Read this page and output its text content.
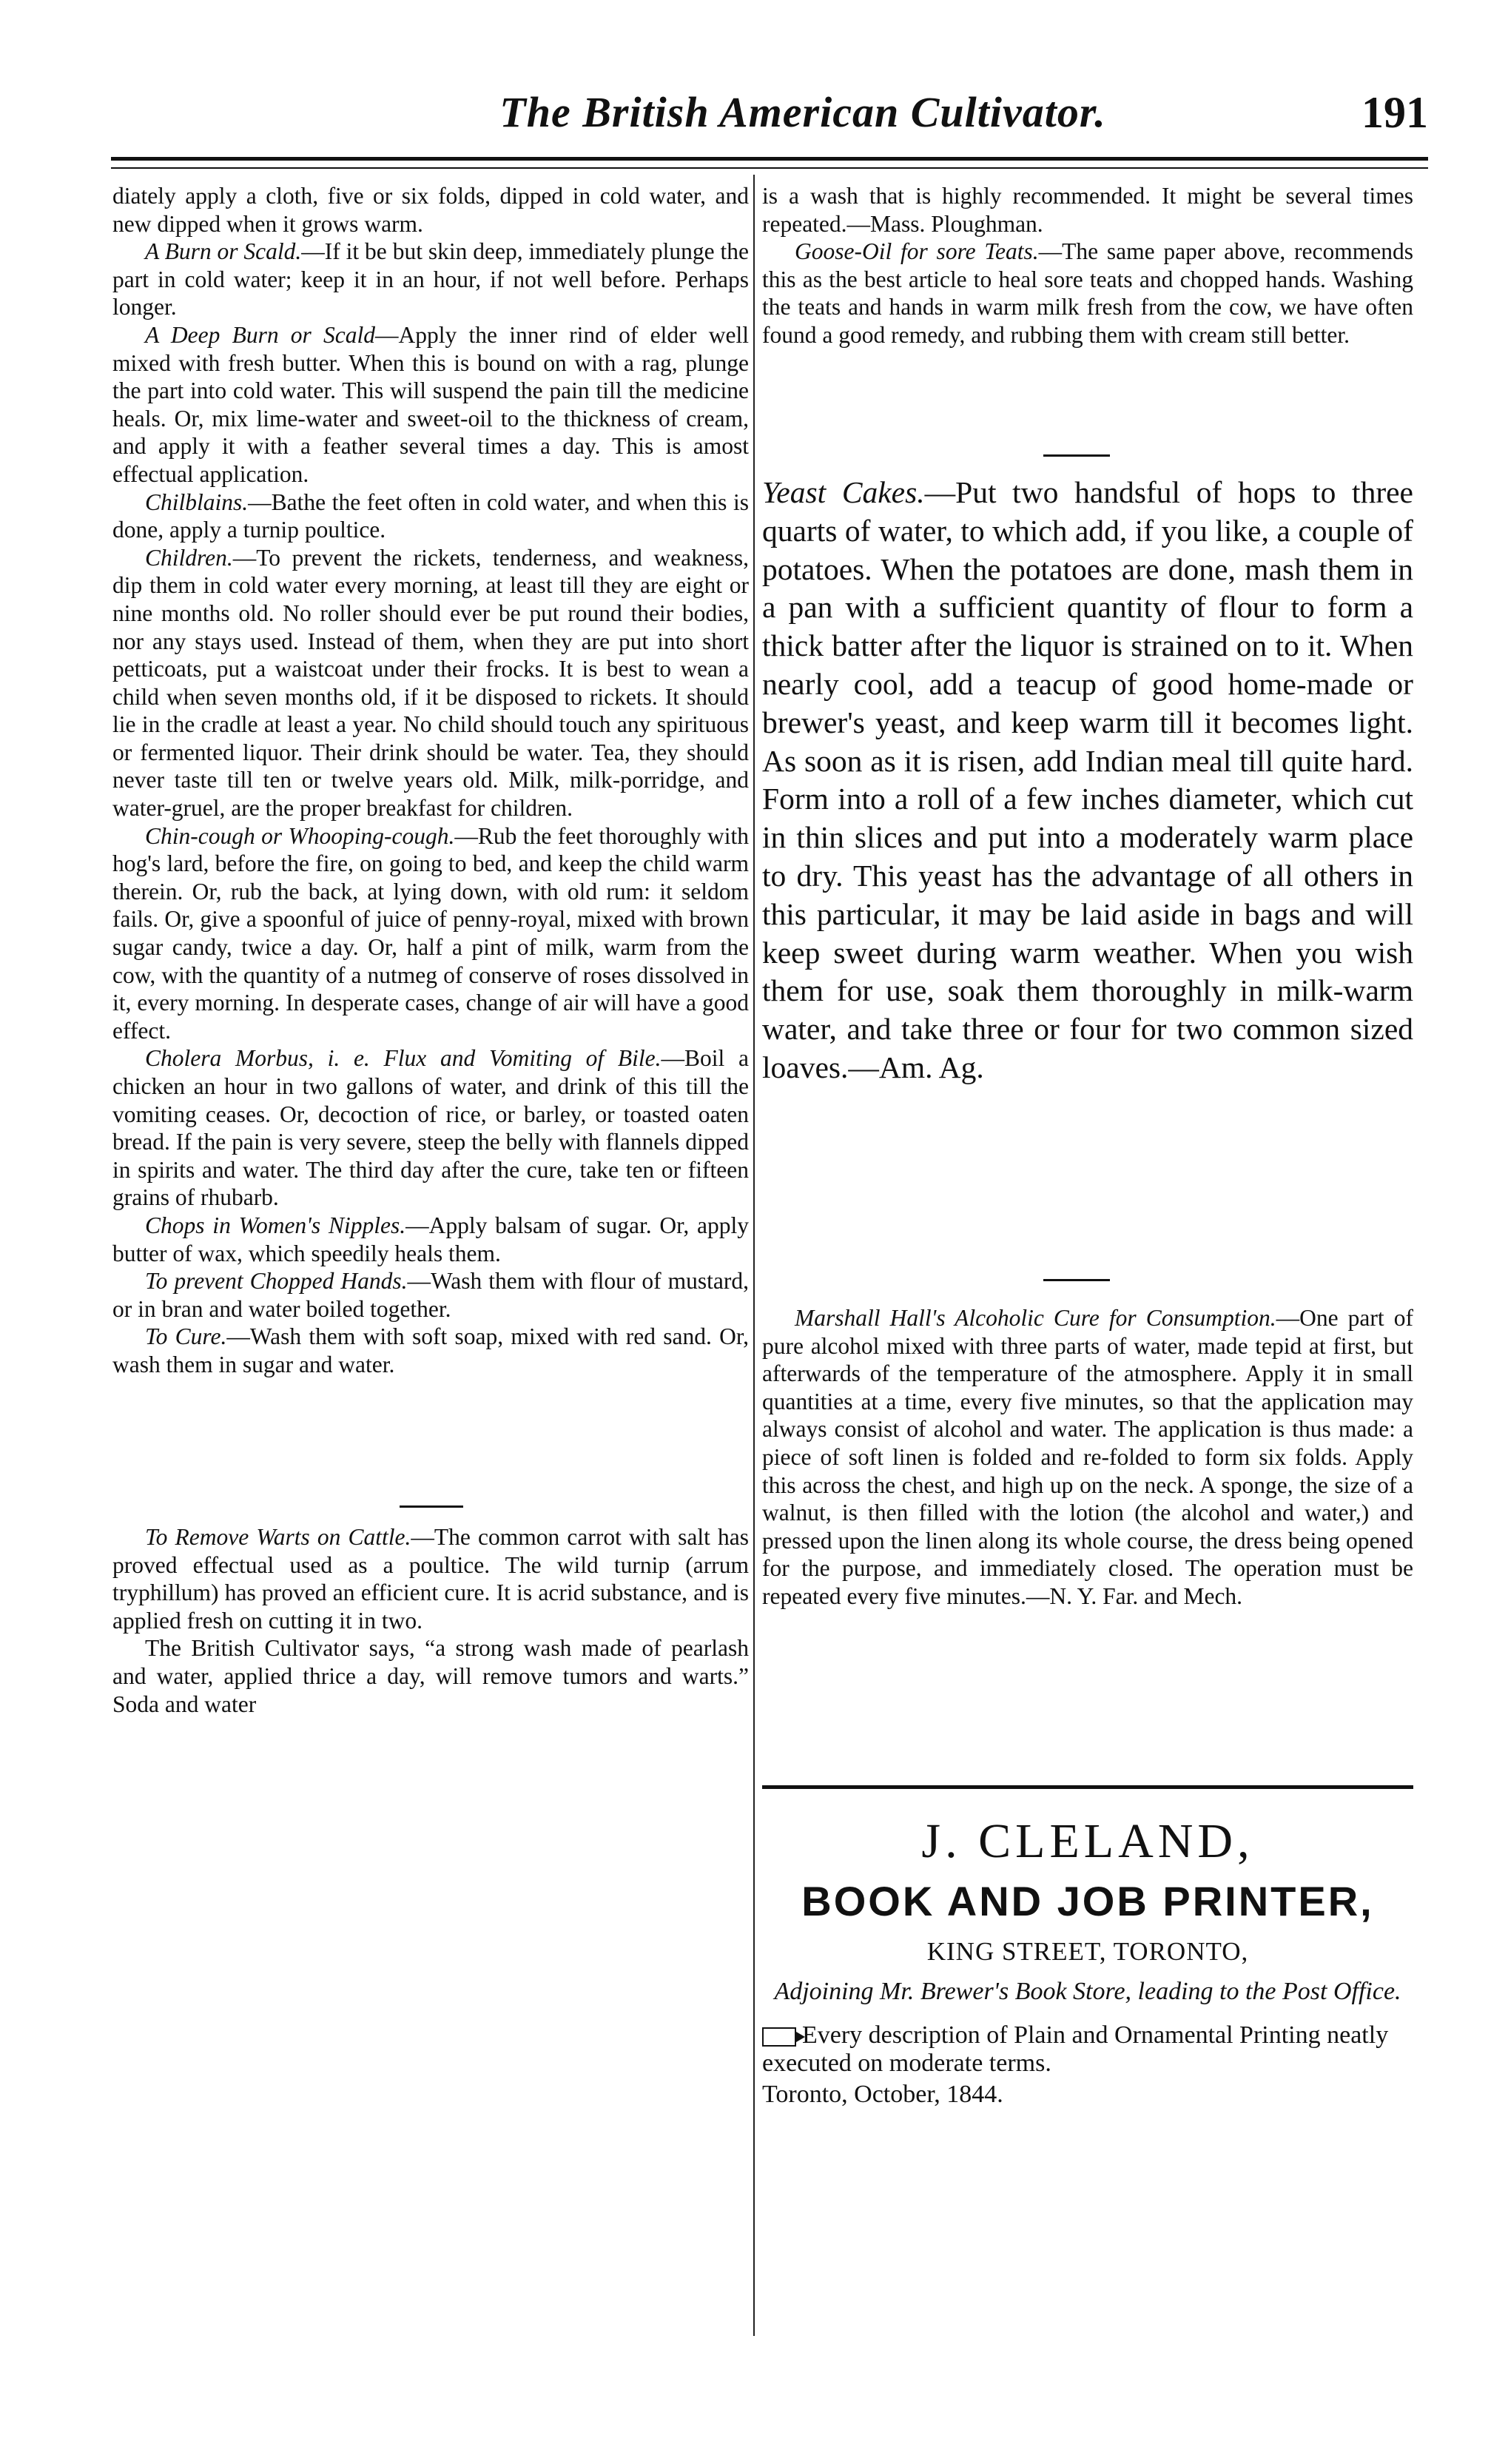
The British American Cultivator.	191

diately apply a cloth, five or six folds, dipped in cold water, and new dipped when it grows warm.

A Burn or Scald.—If it be but skin deep, immediately plunge the part in cold water; keep it in an hour, if not well before. Perhaps longer.

A Deep Burn or Scald—Apply the inner rind of elder well mixed with fresh butter. When this is bound on with a rag, plunge the part into cold water. This will suspend the pain till the medicine heals. Or, mix lime-water and sweet-oil to the thickness of cream, and apply it with a feather several times a day. This is amost effectual application.

Chilblains.—Bathe the feet often in cold water, and when this is done, apply a turnip poultice.

Children.—To prevent the rickets, tenderness, and weakness, dip them in cold water every morning, at least till they are eight or nine months old. No roller should ever be put round their bodies, nor any stays used. Instead of them, when they are put into short petticoats, put a waistcoat under their frocks. It is best to wean a child when seven months old, if it be disposed to rickets. It should lie in the cradle at least a year. No child should touch any spirituous or fermented liquor. Their drink should be water. Tea, they should never taste till ten or twelve years old. Milk, milk-porridge, and water-gruel, are the proper breakfast for children.

Chin-cough or Whooping-cough.—Rub the feet thoroughly with hog's lard, before the fire, on going to bed, and keep the child warm therein. Or, rub the back, at lying down, with old rum: it seldom fails. Or, give a spoonful of juice of penny-royal, mixed with brown sugar candy, twice a day. Or, half a pint of milk, warm from the cow, with the quantity of a nutmeg of conserve of roses dissolved in it, every morning. In desperate cases, change of air will have a good effect.

Cholera Morbus, i. e. Flux and Vomiting of Bile.—Boil a chicken an hour in two gallons of water, and drink of this till the vomiting ceases. Or, decoction of rice, or barley, or toasted oaten bread. If the pain is very severe, steep the belly with flannels dipped in spirits and water. The third day after the cure, take ten or fifteen grains of rhubarb.

Chops in Women's Nipples.—Apply balsam of sugar. Or, apply butter of wax, which speedily heals them.

To prevent Chopped Hands.—Wash them with flour of mustard, or in bran and water boiled together.

To Cure.—Wash them with soft soap, mixed with red sand. Or, wash them in sugar and water.

To Remove Warts on Cattle.—The common carrot with salt has proved effectual used as a poultice. The wild turnip (arrum tryphillum) has proved an efficient cure. It is acrid substance, and is applied fresh on cutting it in two.

The British Cultivator says, “a strong wash made of pearlash and water, applied thrice a day, will remove tumors and warts.” Soda and water

is a wash that is highly recommended. It might be several times repeated.—Mass. Ploughman.

Goose-Oil for sore Teats.—The same paper above, recommends this as the best article to heal sore teats and chopped hands. Washing the teats and hands in warm milk fresh from the cow, we have often found a good remedy, and rubbing them with cream still better.

Yeast Cakes.—Put two handsful of hops to three quarts of water, to which add, if you like, a couple of potatoes. When the potatoes are done, mash them in a pan with a sufficient quantity of flour to form a thick batter after the liquor is strained on to it. When nearly cool, add a teacup of good home-made or brewer's yeast, and keep warm till it becomes light. As soon as it is risen, add Indian meal till quite hard. Form into a roll of a few inches diameter, which cut in thin slices and put into a moderately warm place to dry. This yeast has the advantage of all others in this particular, it may be laid aside in bags and will keep sweet during warm weather. When you wish them for use, soak them thoroughly in milk-warm water, and take three or four for two common sized loaves.—Am. Ag.

Marshall Hall's Alcoholic Cure for Consumption.—One part of pure alcohol mixed with three parts of water, made tepid at first, but afterwards of the temperature of the atmosphere. Apply it in small quantities at a time, every five minutes, so that the application may always consist of alcohol and water. The application is thus made: a piece of soft linen is folded and re-folded to form six folds. Apply this across the chest, and high up on the neck. A sponge, the size of a walnut, is then filled with the lotion (the alcohol and water,) and pressed upon the linen along its whole course, the dress being opened for the purpose, and immediately closed. The operation must be repeated every five minutes.—N. Y. Far. and Mech.

J. CLELAND,
BOOK AND JOB PRINTER,
KING STREET, TORONTO,
Adjoining Mr. Brewer's Book Store, leading to the Post Office.
Every description of Plain and Ornamental Printing neatly executed on moderate terms.
Toronto, October, 1844.
